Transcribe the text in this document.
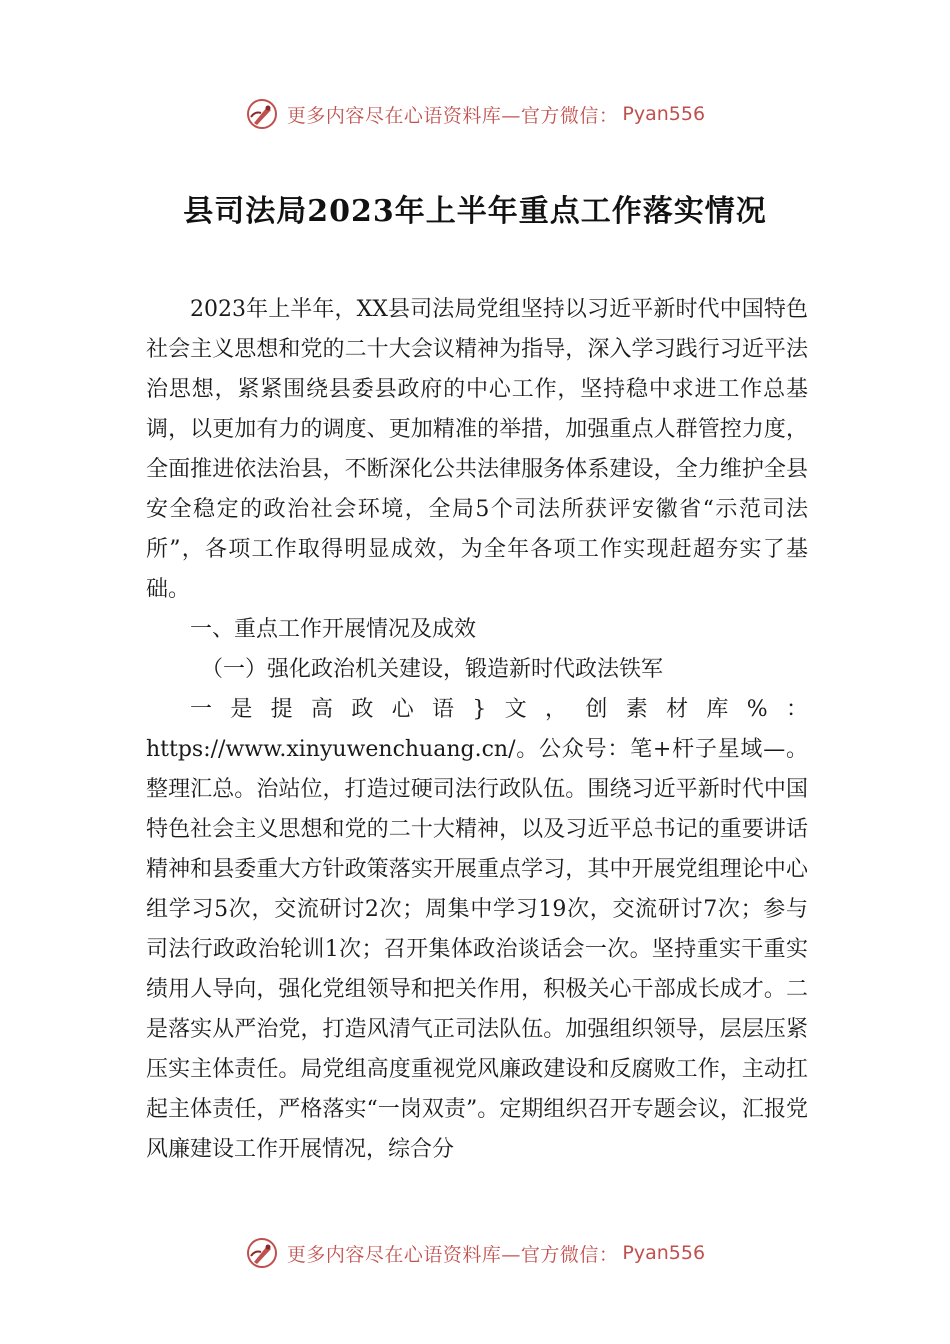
更多内容尽在心语资料库—官方微信： Pyan556
县司法局2023年上半年重点工作落实情况

2023年上半年，XX县司法局党组坚持以习近平新时代中国特色社会主义思想和党的二十大会议精神为指导，深入学习践行习近平法治思想，紧紧围绕县委县政府的中心工作，坚持稳中求进工作总基调，以更加有力的调度、更加精准的举措，加强重点人群管控力度，全面推进依法治县，不断深化公共法律服务体系建设，全力维护全县安全稳定的政治社会环境，全局5个司法所获评安徽省“示范司法所”，各项工作取得明显成效，为全年各项工作实现赶超夯实了基础。

一、重点工作开展情况及成效

（一）强化政治机关建设，锻造新时代政法铁军

一是提高政心语}文，创素材库%：https://www.xinyuwenchuang.cn/。公众号：笔+杆子星域—。整理汇总。治站位，打造过硬司法行政队伍。围绕习近平新时代中国特色社会主义思想和党的二十大精神，以及习近平总书记的重要讲话精神和县委重大方针政策落实开展重点学习，其中开展党组理论中心组学习5次，交流研讨2次；周集中学习19次，交流研讨7次；参与司法行政政治轮训1次；召开集体政治谈话会一次。坚持重实干重实绩用人导向，强化党组领导和把关作用，积极关心干部成长成才。二是落实从严治党，打造风清气正司法队伍。加强组织领导，层层压紧压实主体责任。局党组高度重视党风廉政建设和反腐败工作，主动扛起主体责任，严格落实“一岗双责”。定期组织召开专题会议，汇报党风廉建设工作开展情况，综合分

更多内容尽在心语资料库—官方微信： Pyan556
